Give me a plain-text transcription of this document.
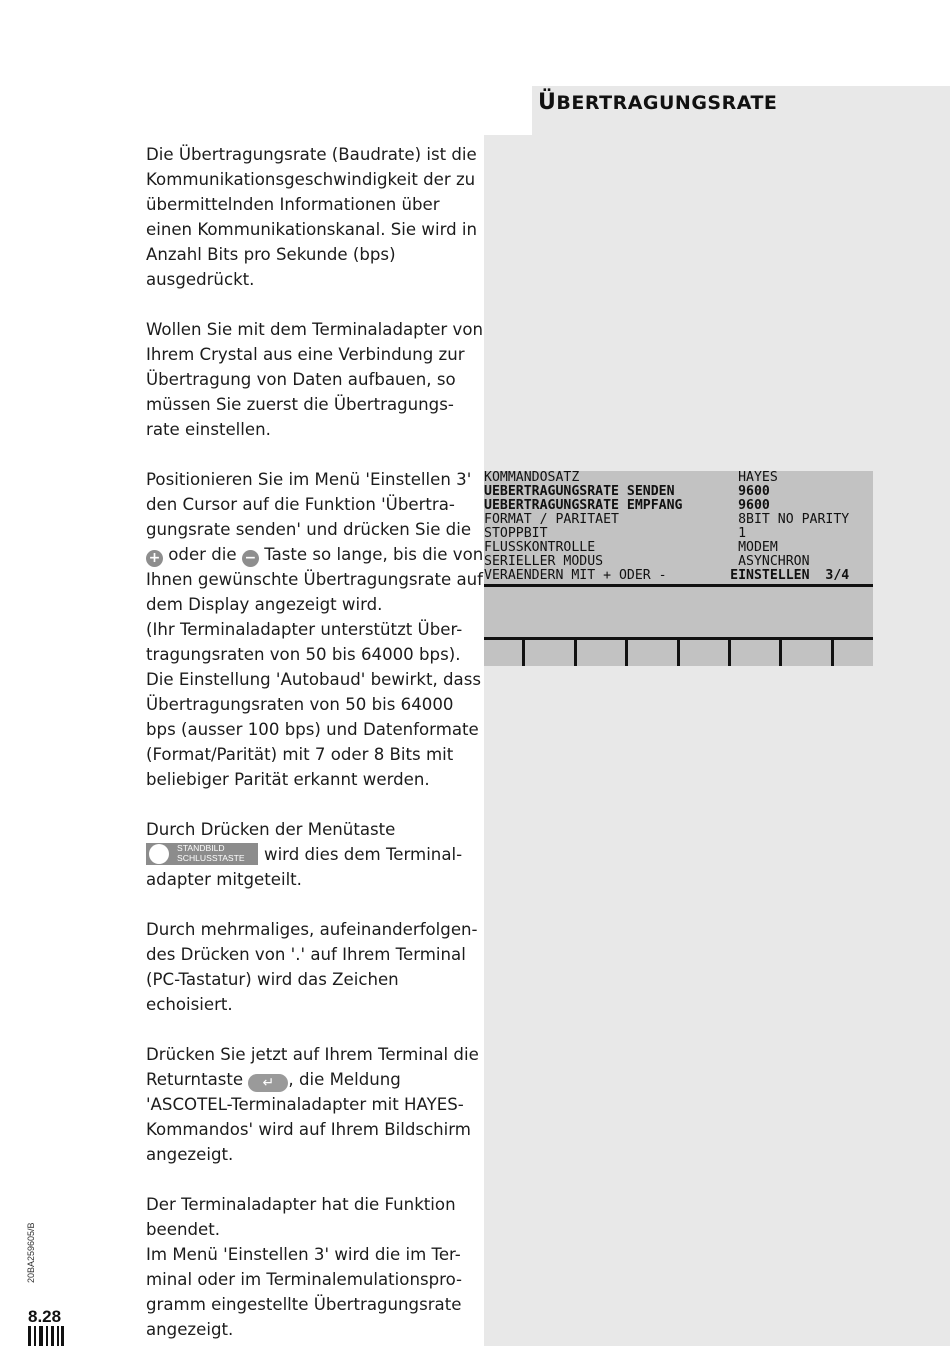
ÜBERTRAGUNGSRATE

Die Übertragungsrate (Baudrate) ist die Kommunikationsgeschwindigkeit der zu übermittelnden Informationen über einen Kommunikationskanal. Sie wird in Anzahl Bits pro Sekunde (bps) ausgedrückt.

Wollen Sie mit dem Terminaladapter von Ihrem Crystal aus eine Verbindung zur Übertragung von Daten aufbauen, so müssen Sie zuerst die Übertragungs-rate einstellen.

Positionieren Sie im Menü 'Einstellen 3' den Cursor auf die Funktion 'Übertra-gungsrate senden' und drücken Sie die
+ oder die − Taste so lange, bis die von Ihnen gewünschte Übertragungsrate auf dem Display angezeigt wird.
(Ihr Terminaladapter unterstützt Über-tragungsraten von 50 bis 64000 bps).
Die Einstellung 'Autobaud' bewirkt, dass Übertragungsraten von 50 bis 64000 bps (ausser 100 bps) und Datenformate (Format/Parität) mit 7 oder 8 Bits mit beliebiger Parität erkannt werden.

Durch Drücken der Menütaste

STANDBILD
SCHLUSSTASTE wird dies dem Terminal-adapter mitgeteilt.

Durch mehrmaliges, aufeinanderfolgen-des Drücken von '.' auf Ihrem Terminal (PC-Tastatur) wird das Zeichen echoisiert.

Drücken Sie jetzt auf Ihrem Terminal die Returntaste ↵ , die Meldung 'ASCOTEL-Terminaladapter mit HAYES-Kommandos' wird auf Ihrem Bildschirm angezeigt.

Der Terminaladapter hat die Funktion beendet.
Im Menü 'Einstellen 3' wird die im Ter-minal oder im Terminalemulationspro-gramm eingestellte Übertragungsrate angezeigt.

KOMMANDOSATZ                    HAYES
UEBERTRAGUNGSRATE SENDEN        9600
UEBERTRAGUNGSRATE EMPFANG       9600
FORMAT / PARITAET               8BIT NO PARITY
STOPPBIT                        1
FLUSSKONTROLLE                  MODEM
SERIELLER MODUS                 ASYNCHRON
VERAENDERN MIT + ODER -        EINSTELLEN  3/4
20BA259605/B
8.28
